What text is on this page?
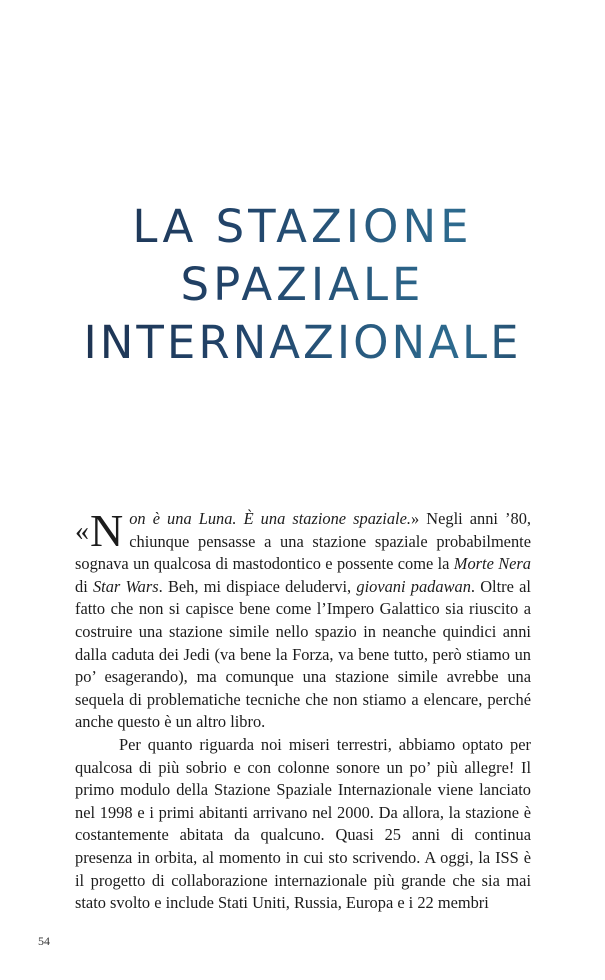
LA STAZIONE
SPAZIALE
INTERNAZIONALE

« N on è una Luna. È una stazione spaziale.» Negli anni ’80, chiunque pensasse a una stazione spaziale probabilmente sognava un qualcosa di mastodontico e possente come la Morte Nera di Star Wars. Beh, mi dispiace deludervi, giovani padawan. Oltre al fatto che non si capisce bene come l’Impero Galattico sia riuscito a costruire una stazione simile nello spazio in neanche quindici anni dalla caduta dei Jedi (va bene la Forza, va bene tutto, però stiamo un po’ esagerando), ma comunque una stazione simile avrebbe una sequela di problematiche tecniche che non stiamo a elencare, perché anche questo è un altro libro.

Per quanto riguarda noi miseri terrestri, abbiamo optato per qualcosa di più sobrio e con colonne sonore un po’ più allegre! Il primo modulo della Stazione Spaziale Internazionale viene lanciato nel 1998 e i primi abitanti arrivano nel 2000. Da allora, la stazione è costantemente abitata da qualcuno. Quasi 25 anni di continua presenza in orbita, al momento in cui sto scrivendo. A oggi, la ISS è il progetto di collaborazione internazionale più grande che sia mai stato svolto e include Stati Uniti, Russia, Europa e i 22 membri

54
